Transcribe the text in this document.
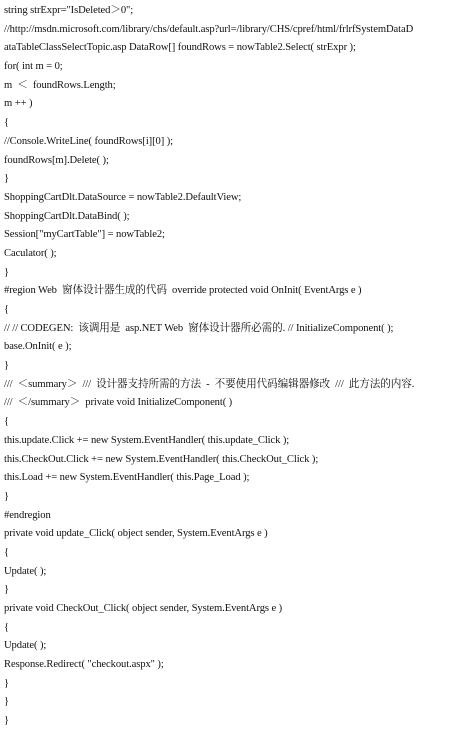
string strExpr="IsDeleted＞0";
//http://msdn.microsoft.com/library/chs/default.asp?url=/library/CHS/cpref/html/frlrfSystemDataD
ataTableClassSelectTopic.asp DataRow[] foundRows = nowTable2.Select( strExpr );
for( int m = 0;
m  ＜  foundRows.Length;
m ++ )
{
//Console.WriteLine( foundRows[i][0] );
foundRows[m].Delete( );
}
ShoppingCartDlt.DataSource = nowTable2.DefaultView;
ShoppingCartDlt.DataBind( );
Session["myCartTable"] = nowTable2;
Caculator( );
}
#region Web  窗体设计器生成的代码  override protected void OnInit( EventArgs e )
{
// // CODEGEN:  该调用是  asp.NET Web  窗体设计器所必需的. // InitializeComponent( );
base.OnInit( e );
}
///  ＜summary＞  ///  设计器支持所需的方法  -  不要使用代码编辑器修改  ///  此方法的内容.
///  ＜/summary＞  private void InitializeComponent( )
{
this.update.Click += new System.EventHandler( this.update_Click );
this.CheckOut.Click += new System.EventHandler( this.CheckOut_Click );
this.Load += new System.EventHandler( this.Page_Load );
}
#endregion
private void update_Click( object sender, System.EventArgs e )
{
Update( );
}
private void CheckOut_Click( object sender, System.EventArgs e )
{
Update( );
Response.Redirect( "checkout.aspx" );
}
}
}
